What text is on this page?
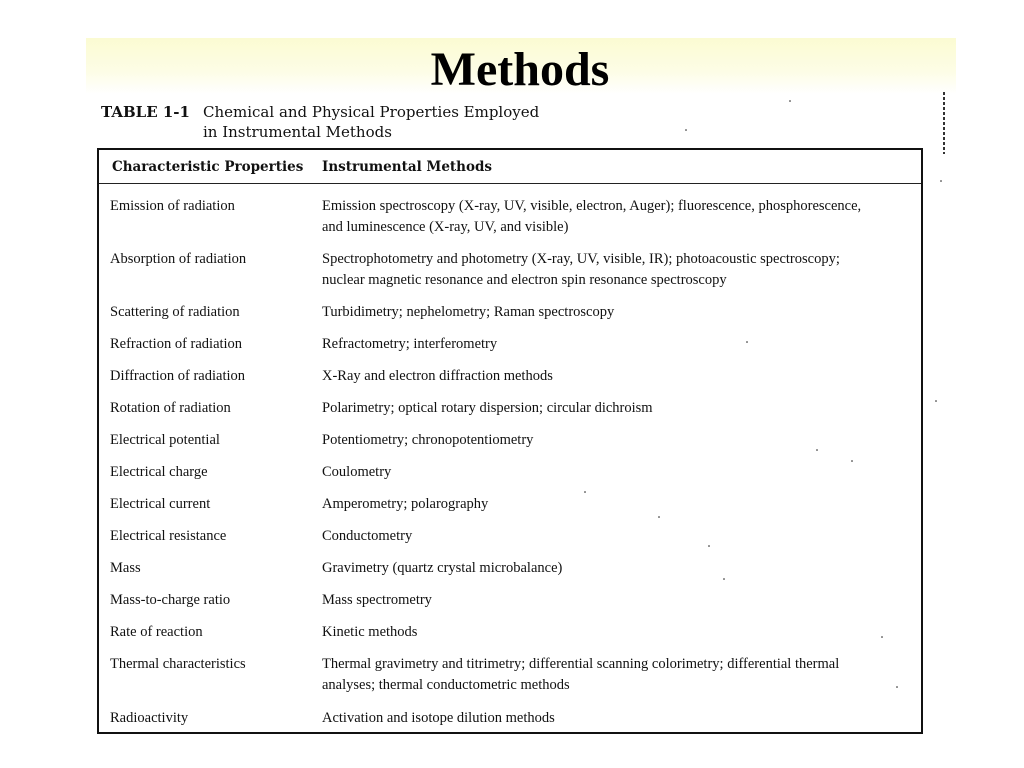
Methods
TABLE 1-1 Chemical and Physical Properties Employed
in Instrumental Methods
Characteristic Properties Instrumental Methods
Emission of radiation	Emission spectroscopy (X-ray, UV, visible, electron, Auger); fluorescence, phosphorescence,
and luminescence (X-ray, UV, and visible)
Absorption of radiation	Spectrophotometry and photometry (X-ray, UV, visible, IR); photoacoustic spectroscopy;
nuclear magnetic resonance and electron spin resonance spectroscopy
Scattering of radiation	Turbidimetry; nephelometry; Raman spectroscopy
Refraction of radiation	Refractometry; interferometry
Diffraction of radiation	X-Ray and electron diffraction methods
Rotation of radiation	Polarimetry; optical rotary dispersion; circular dichroism
Electrical potential	Potentiometry; chronopotentiometry
Electrical charge	Coulometry
Electrical current	Amperometry; polarography
Electrical resistance	Conductometry
Mass	Gravimetry (quartz crystal microbalance)
Mass-to-charge ratio	Mass spectrometry
Rate of reaction	Kinetic methods
Thermal characteristics	Thermal gravimetry and titrimetry; differential scanning colorimetry; differential thermal
analyses; thermal conductometric methods
Radioactivity	Activation and isotope dilution methods
